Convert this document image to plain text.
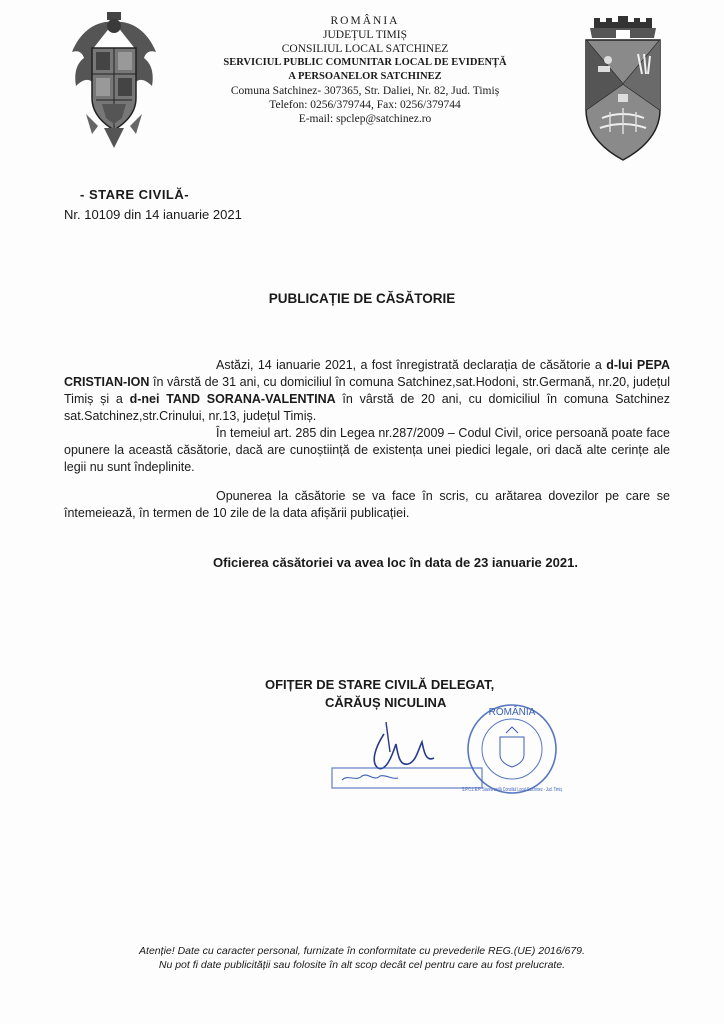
ROMÂNIA
JUDEȚUL TIMIȘ
CONSILIUL LOCAL SATCHINEZ
SERVICIUL PUBLIC COMUNITAR LOCAL DE EVIDENȚĂ
A PERSOANELOR SATCHINEZ
Comuna Satchinez- 307365, Str. Daliei, Nr. 82, Jud. Timiș
Telefon: 0256/379744, Fax: 0256/379744
E-mail: spclep@satchinez.ro
- STARE CIVILĂ-
Nr. 10109 din 14 ianuarie 2021
PUBLICAȚIE DE CĂSĂTORIE

Astăzi, 14 ianuarie 2021, a fost înregistrată declarația de căsătorie a d-lui PEPA CRISTIAN-ION în vârstă de 31 ani, cu domiciliul în comuna Satchinez,sat.Hodoni, str.Germană, nr.20, județul Timiș și a d-nei TAND SORANA-VALENTINA în vârstă de 20 ani, cu domiciliul în comuna Satchinez sat.Satchinez,str.Crinului, nr.13, județul Timiș.

În temeiul art. 285 din Legea nr.287/2009 – Codul Civil, orice persoană poate face opunere la această căsătorie, dacă are cunoștiință de existența unei piedici legale, ori dacă alte cerințe ale legii nu sunt îndeplinite.

Opunerea la căsătorie se va face în scris, cu arătarea dovezilor pe care se întemeiează, în termen de 10 zile de la data afișării publicației.

Oficierea căsătoriei va avea loc în data de 23 ianuarie 2021.
OFIȚER DE STARE CIVILĂ DELEGAT,
CĂRĂUȘ NICULINA
ROMÂNIA
S.P.C.L.E.P. Starea civilă Consiliul Local Satchinez - Jud. Timiș
Atenție! Date cu caracter personal, furnizate în conformitate cu prevederile REG.(UE) 2016/679.
Nu pot fi date publicității sau folosite în alt scop decât cel pentru care au fost prelucrate.
